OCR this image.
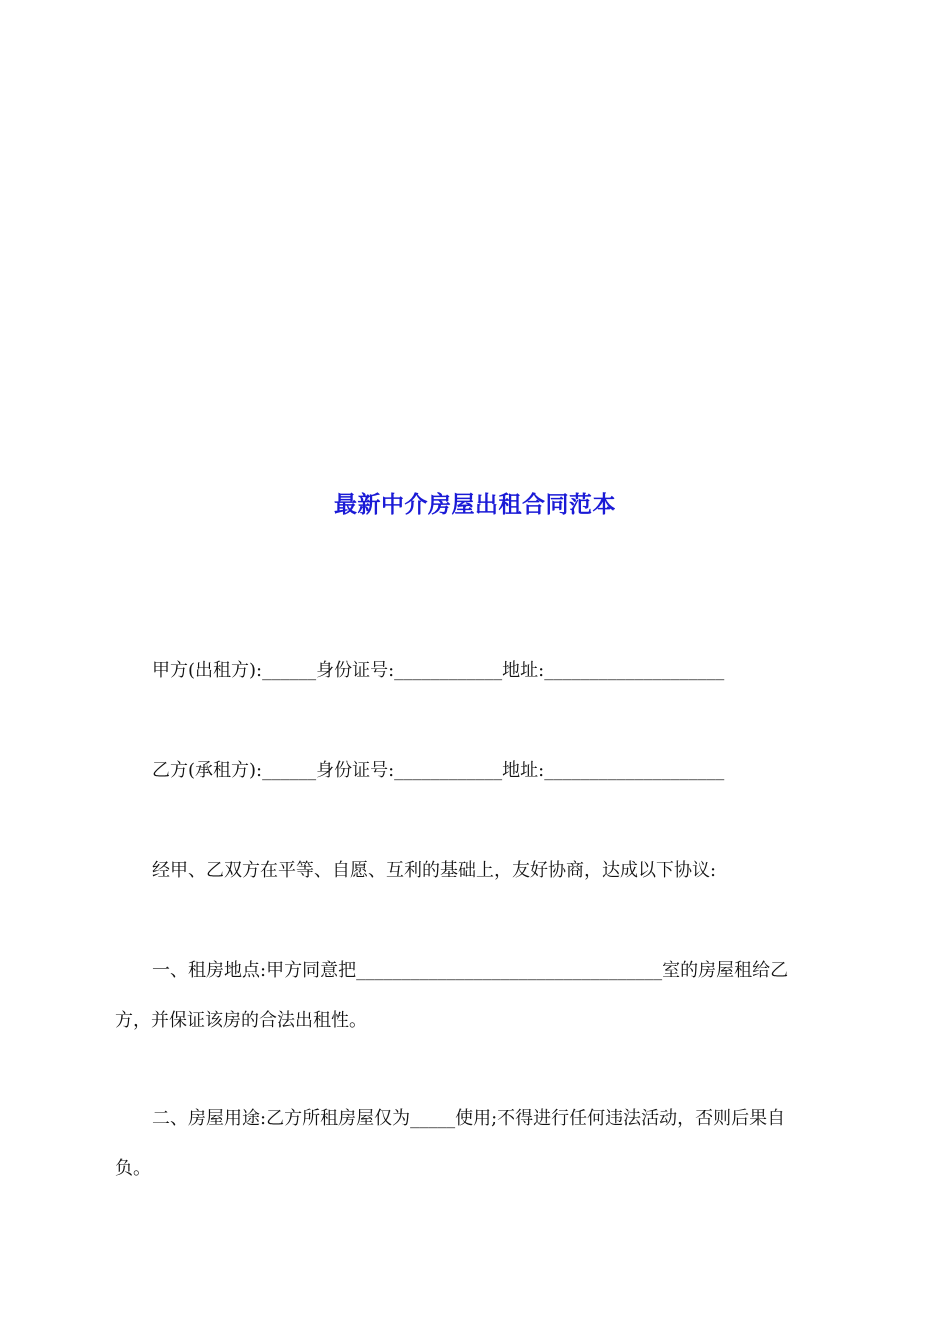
最新中介房屋出租合同范本
甲方(出租方):______身份证号:____________地址:____________________
乙方(承租方):______身份证号:____________地址:____________________
经甲、乙双方在平等、自愿、互利的基础上，友好协商，达成以下协议:
一、租房地点:甲方同意把__________________________________室的房屋租给乙
方，并保证该房的合法出租性。
二、房屋用途:乙方所租房屋仅为_____使用;不得进行任何违法活动，否则后果自
负。
